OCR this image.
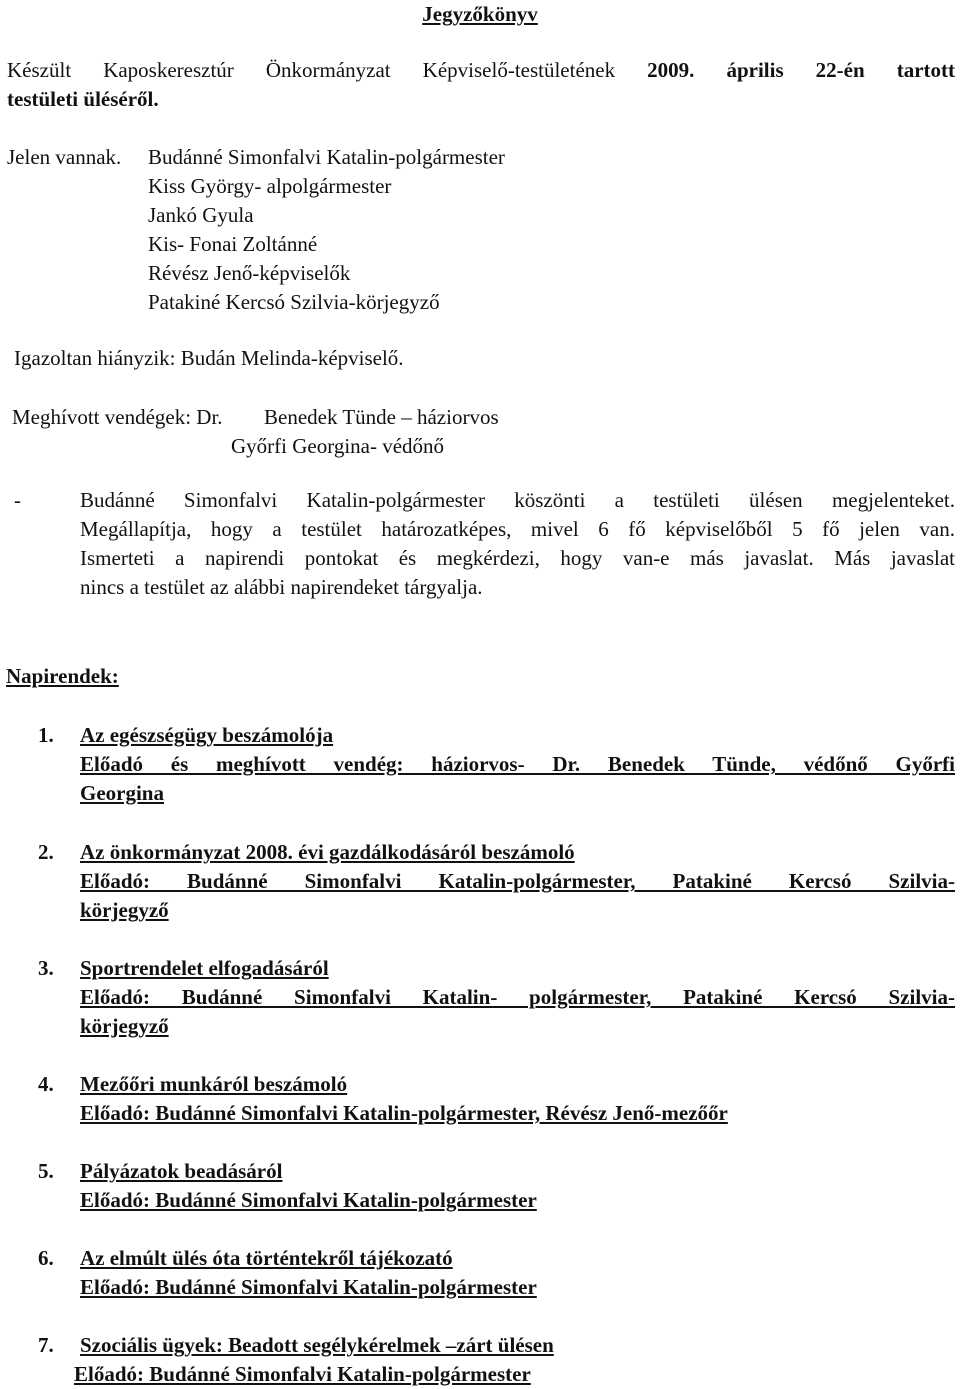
Jegyzőkönyv
Készült Kaposkeresztúr Önkormányzat Képviselő-testületének 2009. április 22-én tartott
testületi üléséről.
Jelen vannak. Budánné Simonfalvi Katalin-polgármester
Kiss György- alpolgármester
Jankó Gyula
Kis- Fonai Zoltánné
Révész Jenő-képviselők
Patakiné Kercsó Szilvia-körjegyző
Igazoltan hiányzik: Budán Melinda-képviselő.
Meghívott vendégek: Dr. Benedek Tünde – háziorvos
Győrfi Georgina- védőnő
-	Budánné Simonfalvi Katalin-polgármester köszönti a testületi ülésen megjelenteket.
Megállapítja, hogy a testület határozatképes, mivel 6 fő képviselőből 5 fő jelen van.
Ismerteti a napirendi pontokat és megkérdezi, hogy van-e más javaslat. Más javaslat
nincs a testület az alábbi napirendeket tárgyalja.
Napirendek:
1. Az egészségügy beszámolója
Előadó és meghívott vendég: háziorvos- Dr. Benedek Tünde, védőnő Győrfi
Georgina
2. Az önkormányzat 2008. évi gazdálkodásáról beszámoló
Előadó: Budánné Simonfalvi Katalin-polgármester, Patakiné Kercsó Szilvia-
körjegyző
3. Sportrendelet elfogadásáról
Előadó: Budánné Simonfalvi Katalin- polgármester, Patakiné Kercsó Szilvia-
körjegyző
4. Mezőőri munkáról beszámoló
Előadó: Budánné Simonfalvi Katalin-polgármester, Révész Jenő-mezőőr
5. Pályázatok beadásáról
Előadó: Budánné Simonfalvi Katalin-polgármester
6. Az elmúlt ülés óta történtekről tájékozató
Előadó: Budánné Simonfalvi Katalin-polgármester
7. Szociális ügyek: Beadott segélykérelmek –zárt ülésen
Előadó: Budánné Simonfalvi Katalin-polgármester
